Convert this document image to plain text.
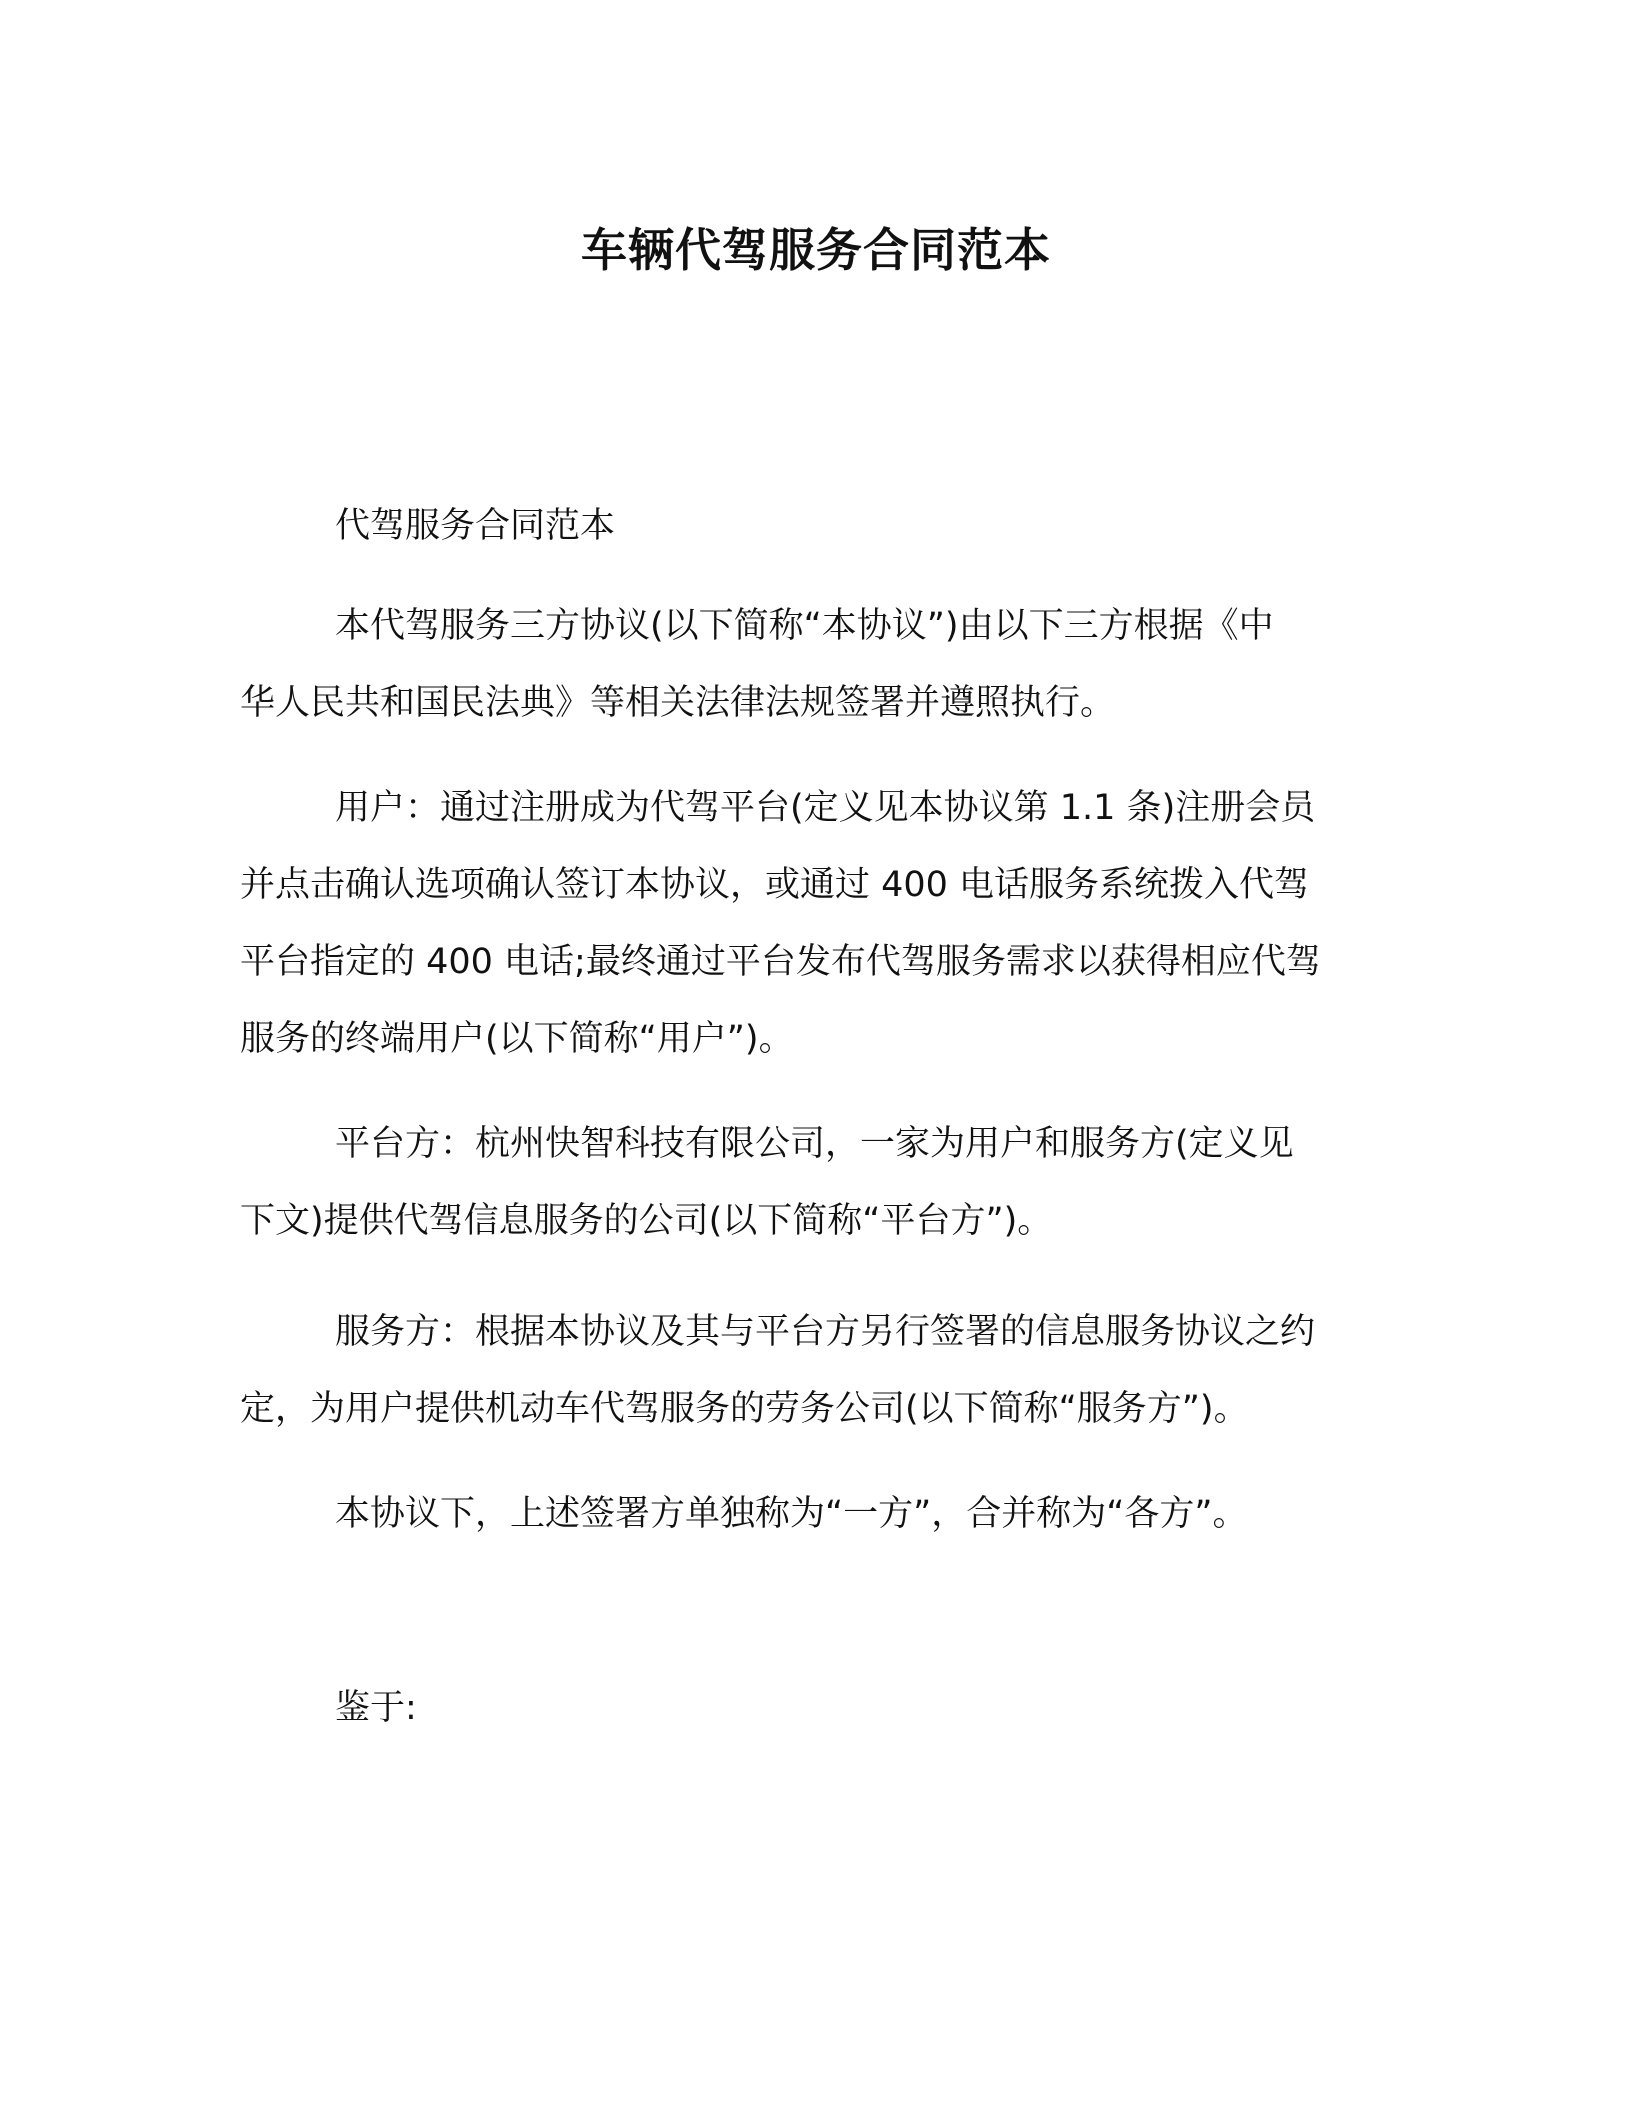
车辆代驾服务合同范本
代驾服务合同范本
本代驾服务三方协议(以下简称“本协议”)由以下三方根据《中
华人民共和国民法典》等相关法律法规签署并遵照执行。
用户：通过注册成为代驾平台(定义见本协议第 1.1 条)注册会员
并点击确认选项确认签订本协议，或通过 400 电话服务系统拨入代驾
平台指定的 400 电话;最终通过平台发布代驾服务需求以获得相应代驾
服务的终端用户(以下简称“用户”)。
平台方：杭州快智科技有限公司，一家为用户和服务方(定义见
下文)提供代驾信息服务的公司(以下简称“平台方”)。
服务方：根据本协议及其与平台方另行签署的信息服务协议之约
定，为用户提供机动车代驾服务的劳务公司(以下简称“服务方”)。
本协议下，上述签署方单独称为“一方”，合并称为“各方”。
鉴于:
